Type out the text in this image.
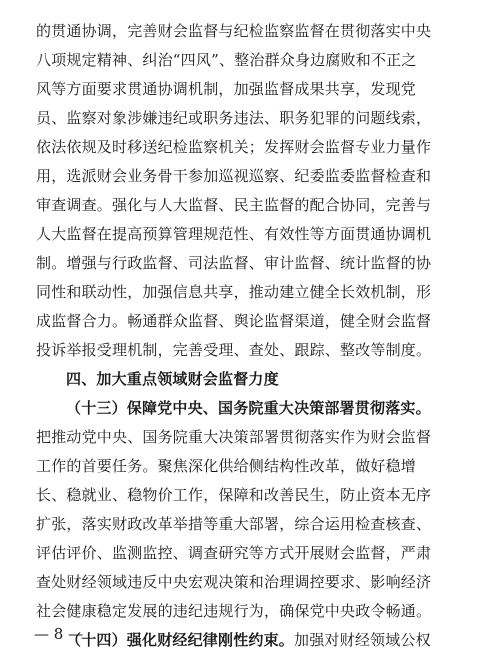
的贯通协调，完善财会监督与纪检监察监督在贯彻落实中央
八项规定精神、纠治“四风”、整治群众身边腐败和不正之
风等方面要求贯通协调机制，加强监督成果共享，发现党
员、监察对象涉嫌违纪或职务违法、职务犯罪的问题线索，
依法依规及时移送纪检监察机关；发挥财会监督专业力量作
用，选派财会业务骨干参加巡视巡察、纪委监委监督检查和
审查调查。强化与人大监督、民主监督的配合协同，完善与
人大监督在提高预算管理规范性、有效性等方面贯通协调机
制。增强与行政监督、司法监督、审计监督、统计监督的协
同性和联动性，加强信息共享，推动建立健全长效机制，形
成监督合力。畅通群众监督、舆论监督渠道，健全财会监督
投诉举报受理机制，完善受理、查处、跟踪、整改等制度。
四、加大重点领域财会监督力度
（十三）保障党中央、国务院重大决策部署贯彻落实。
把推动党中央、国务院重大决策部署贯彻落实作为财会监督
工作的首要任务。聚焦深化供给侧结构性改革，做好稳增
长、稳就业、稳物价工作，保障和改善民生，防止资本无序
扩张，落实财政改革举措等重大部署，综合运用检查核查、
评估评价、监测监控、调查研究等方式开展财会监督，严肃
查处财经领域违反中央宏观决策和治理调控要求、影响经济
社会健康稳定发展的违纪违规行为，确保党中央政令畅通。
（十四）强化财经纪律刚性约束。加强对财经领域公权
— 8 —
